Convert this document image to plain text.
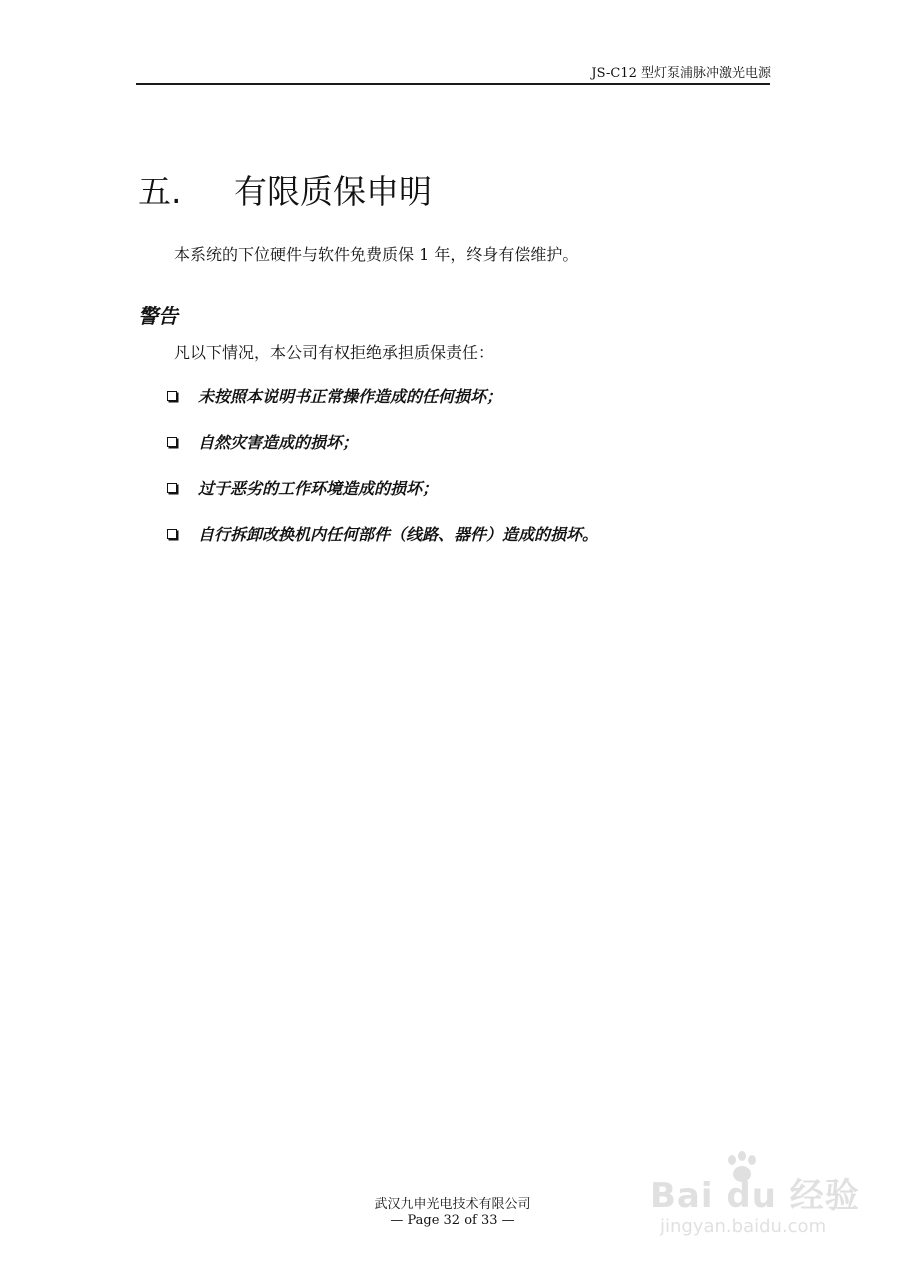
JS-C12 型灯泵浦脉冲激光电源
五.	有限质保申明
本系统的下位硬件与软件免费质保 1 年，终身有偿维护。
警告
凡以下情况，本公司有权拒绝承担质保责任：
未按照本说明书正常操作造成的任何损坏；
自然灾害造成的损坏；
过于恶劣的工作环境造成的损坏；
自行拆卸改换机内任何部件（线路、器件）造成的损坏。
武汉九申光电技术有限公司
— Page 32 of 33 —
Bai du 经验
jingyan.baidu.com
